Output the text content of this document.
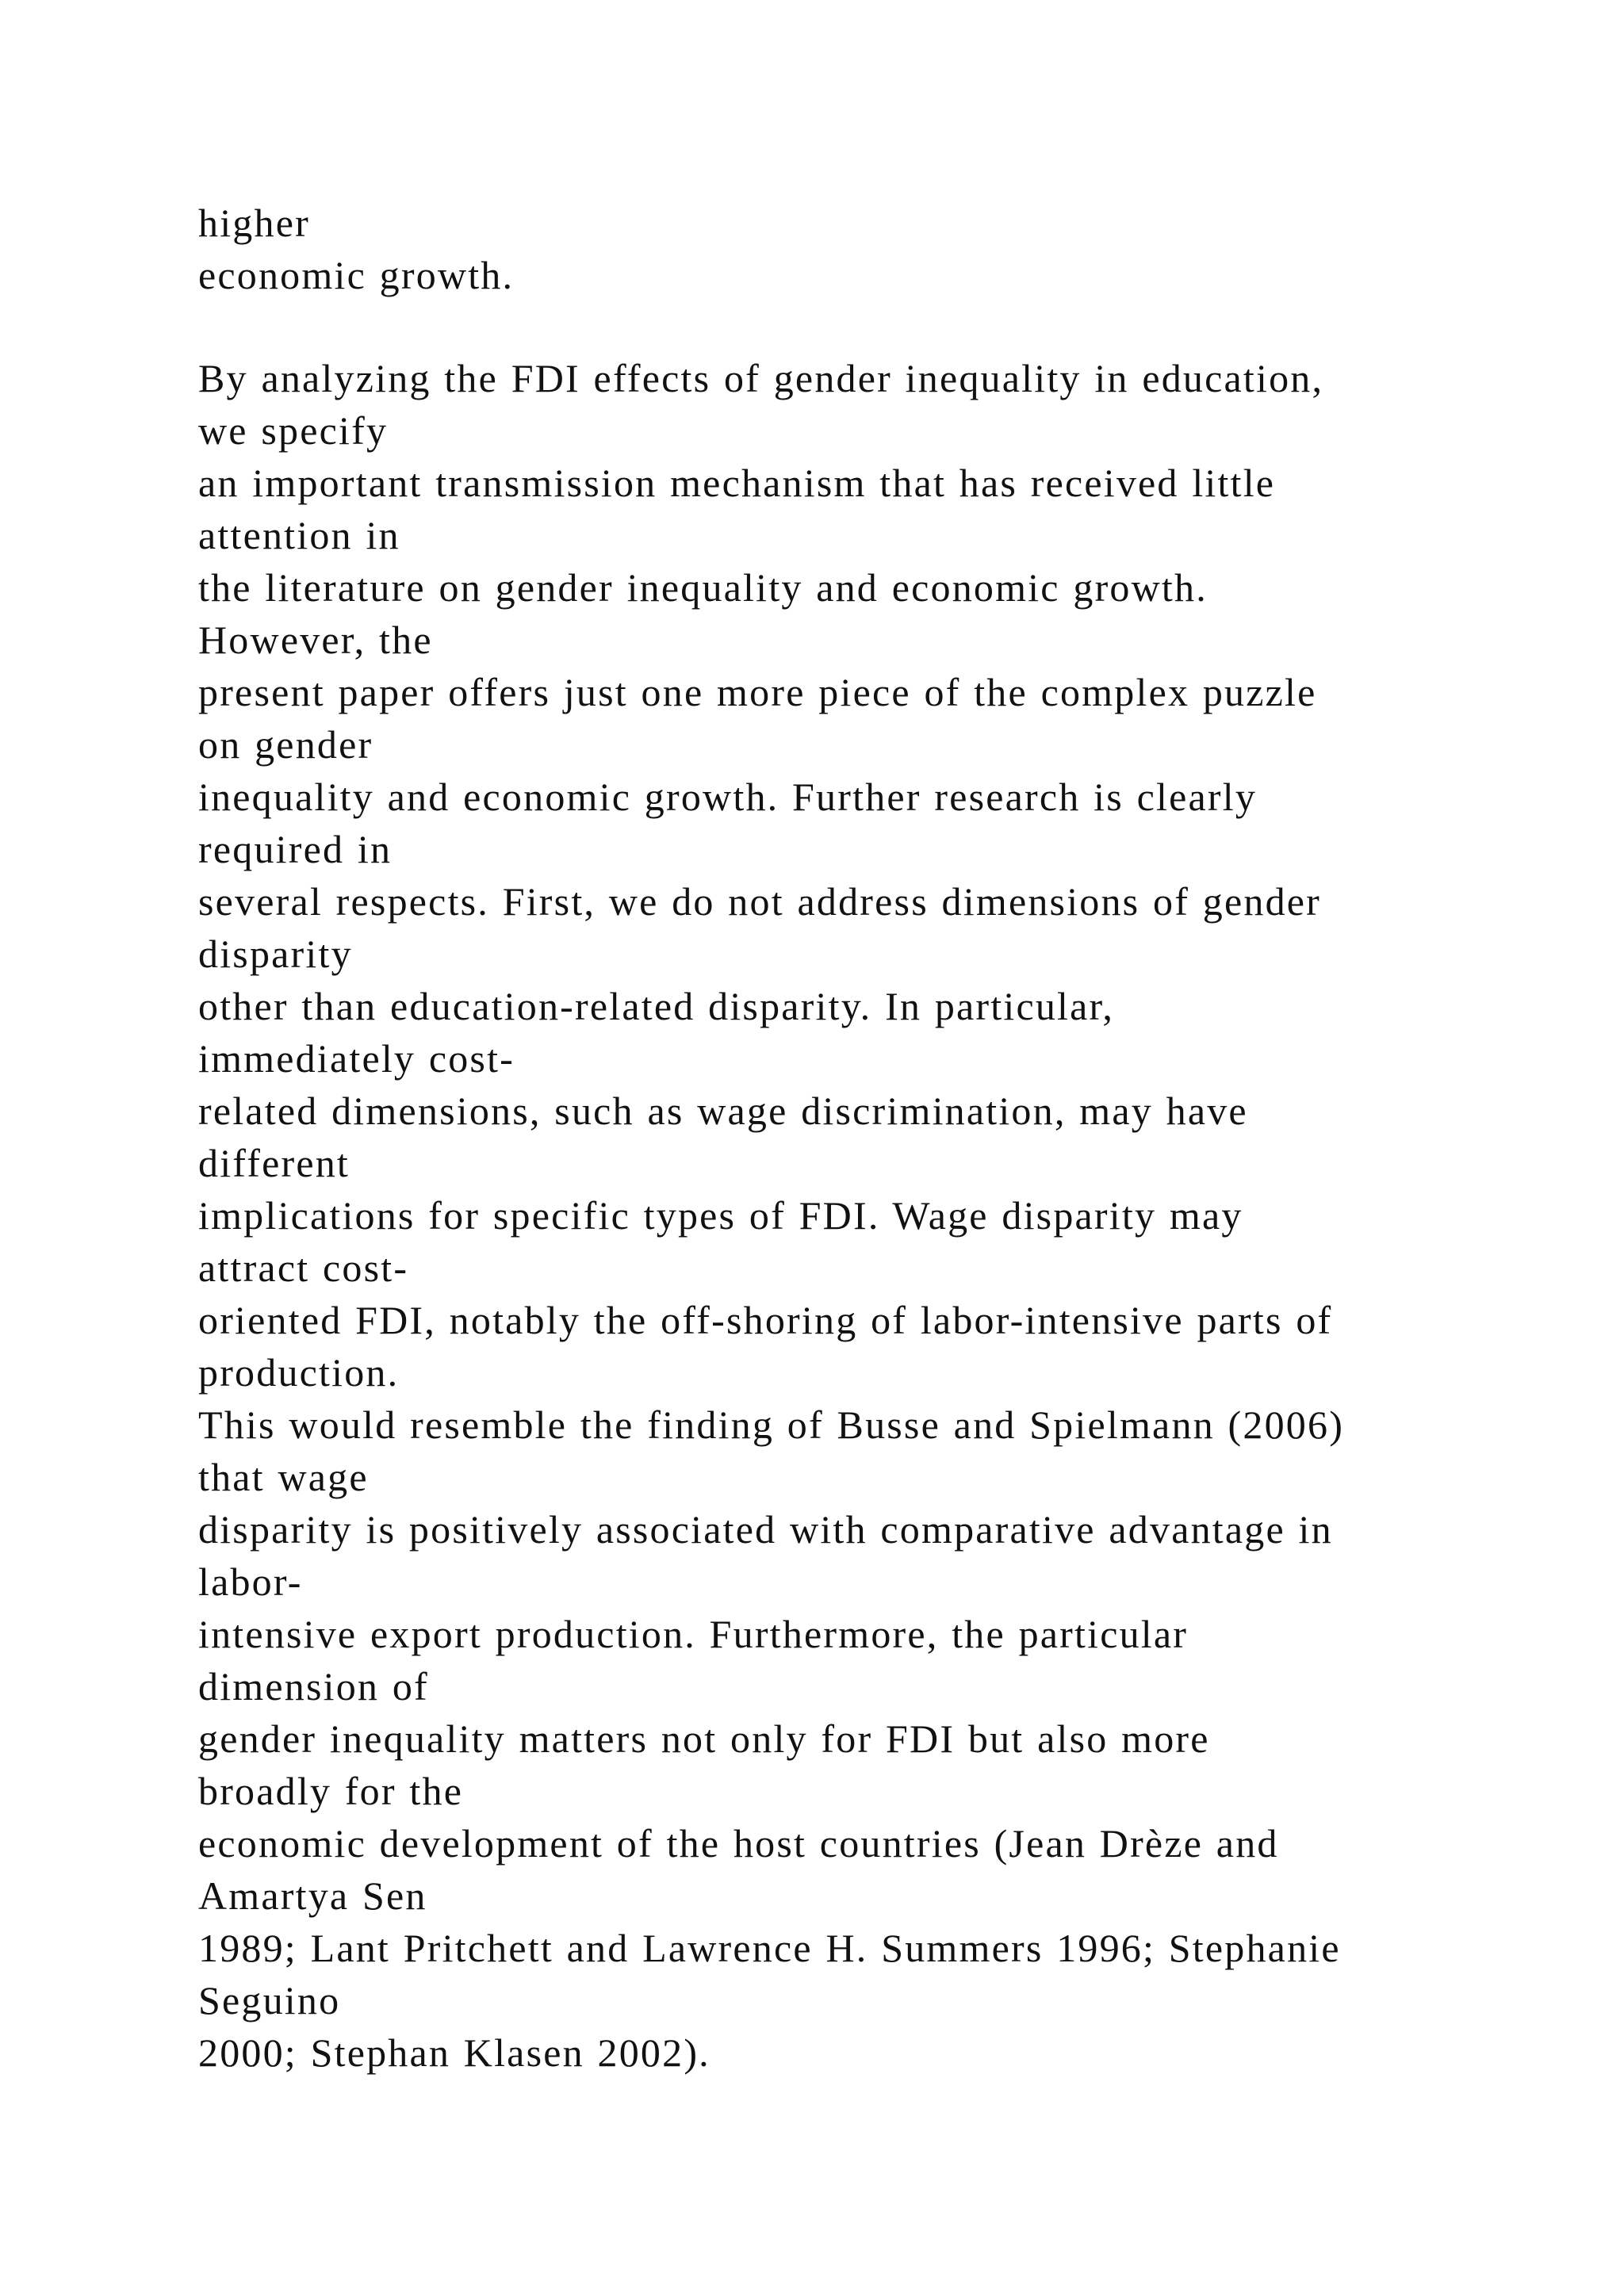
higher
economic growth.
By analyzing the FDI effects of gender inequality in education,
we specify
an important transmission mechanism that has received little
attention in
the literature on gender inequality and economic growth.
However, the
present paper offers just one more piece of the complex puzzle
on gender
inequality and economic growth. Further research is clearly
required in
several respects. First, we do not address dimensions of gender
disparity
other than education-related disparity. In particular,
immediately cost-
related dimensions, such as wage discrimination, may have
different
implications for specific types of FDI. Wage disparity may
attract cost-
oriented FDI, notably the off-shoring of labor-intensive parts of
production.
This would resemble the finding of Busse and Spielmann (2006)
that wage
disparity is positively associated with comparative advantage in
labor-
intensive export production. Furthermore, the particular
dimension of
gender inequality matters not only for FDI but also more
broadly for the
economic development of the host countries (Jean Drèze and
Amartya Sen
1989; Lant Pritchett and Lawrence H. Summers 1996; Stephanie
Seguino
2000; Stephan Klasen 2002).
